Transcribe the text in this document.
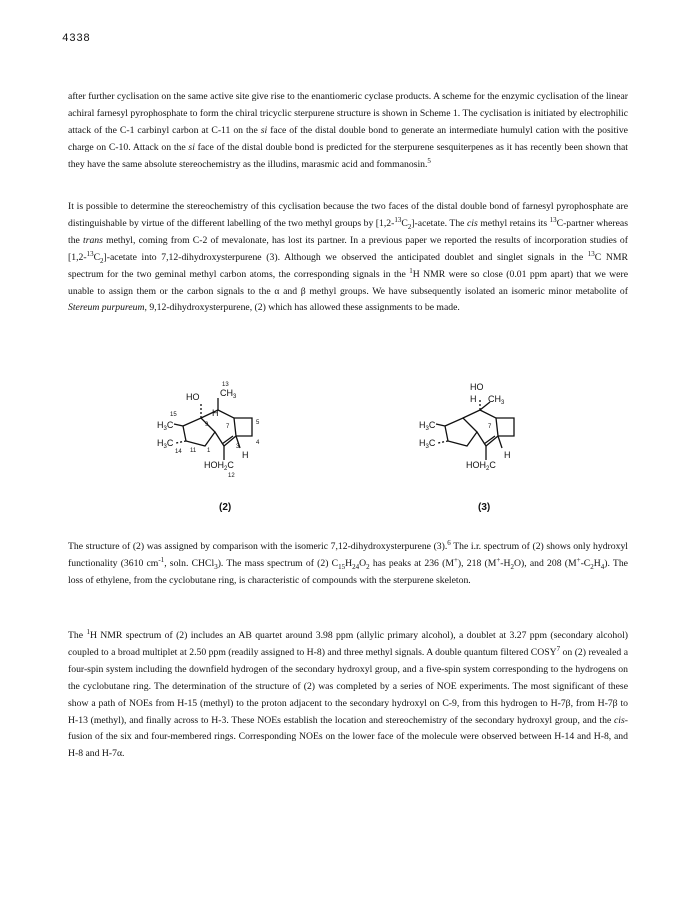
4338

after further cyclisation on the same active site give rise to the enantiomeric cyclase products. A scheme for the enzymic cyclisation of the linear achiral farnesyl pyrophosphate to form the chiral tricyclic sterpurene structure is shown in Scheme 1. The cyclisation is initiated by electrophilic attack of the C-1 carbinyl carbon at C-11 on the si face of the distal double bond to generate an intermediate humulyl cation with the positive charge on C-10. Attack on the si face of the distal double bond is predicted for the sterpurene sesquiterpenes as it has recently been shown that they have the same absolute stereochemistry as the illudins, marasmic acid and fommanosin.$^5$

It is possible to determine the stereochemistry of this cyclisation because the two faces of the distal double bond of farnesyl pyrophosphate are distinguishable by virtue of the different labelling of the two methyl groups by $[1,2-^{13}C_2]$-acetate. The cis methyl retains its $^{13}$C-partner whereas the trans methyl, coming from C-2 of mevalonate, has lost its partner. In a previous paper we reported the results of incorporation studies of $[1,2-^{13}C_2]$-acetate into 7,12-dihydroxysterpurene (3). Although we observed the anticipated doublet and singlet signals in the $^{13}$C NMR spectrum for the two geminal methyl carbon atoms, the corresponding signals in the $^1$H NMR were so close (0.01 ppm apart) that we were unable to assign them or the carbon signals to the α and β methyl groups. We have subsequently isolated an isomeric minor metabolite of Stereum purpureum, 9,12-dihydroxysterpurene, (2) which has allowed these assignments to be made.

HO
H
$CH_3$
$H_3C$
$H_3C$
$HOH_2C$
H
13
15
9	7
5
4
3
1
11
14
12
HO
H $CH_3$
$H_3C$
$H_3C$
$HOH_2C$
H
7
(2)	(3)

The structure of (2) was assigned by comparison with the isomeric 7,12-dihydroxysterpurene (3).$^6$ The i.r. spectrum of (2) shows only hydroxyl functionality (3610 $cm^{-1}$, soln. CHCl$_3$). The mass spectrum of (2) $C_{15}H_{24}O_2$ has peaks at 236 (M+), 218 $(M^+-H_2O)$, and 208 $(M^+-C_2H_4)$. The loss of ethylene, from the cyclobutane ring, is characteristic of compounds with the sterpurene skeleton.

The $^1$H NMR spectrum of (2) includes an AB quartet around 3.98 ppm (allylic primary alcohol), a doublet at 3.27 ppm (secondary alcohol) coupled to a broad multiplet at 2.50 ppm (readily assigned to H-8) and three methyl signals. A double quantum filtered COSY$^7$ on (2) revealed a four-spin system including the downfield hydrogen of the secondary hydroxyl group, and a five-spin system corresponding to the hydrogens on the cyclobutane ring. The determination of the structure of (2) was completed by a series of NOE experiments. The most significant of these show a path of NOEs from H-15 (methyl) to the proton adjacent to the secondary hydroxyl on C-9, from this hydrogen to H-7β, from H-7β to H-13 (methyl), and finally across to H-3. These NOEs establish the location and stereochemistry of the secondary hydroxyl group, and the cis-fusion of the six and four-membered rings. Corresponding NOEs on the lower face of the molecule were observed between H-14 and H-8, and H-8 and H-7α.
